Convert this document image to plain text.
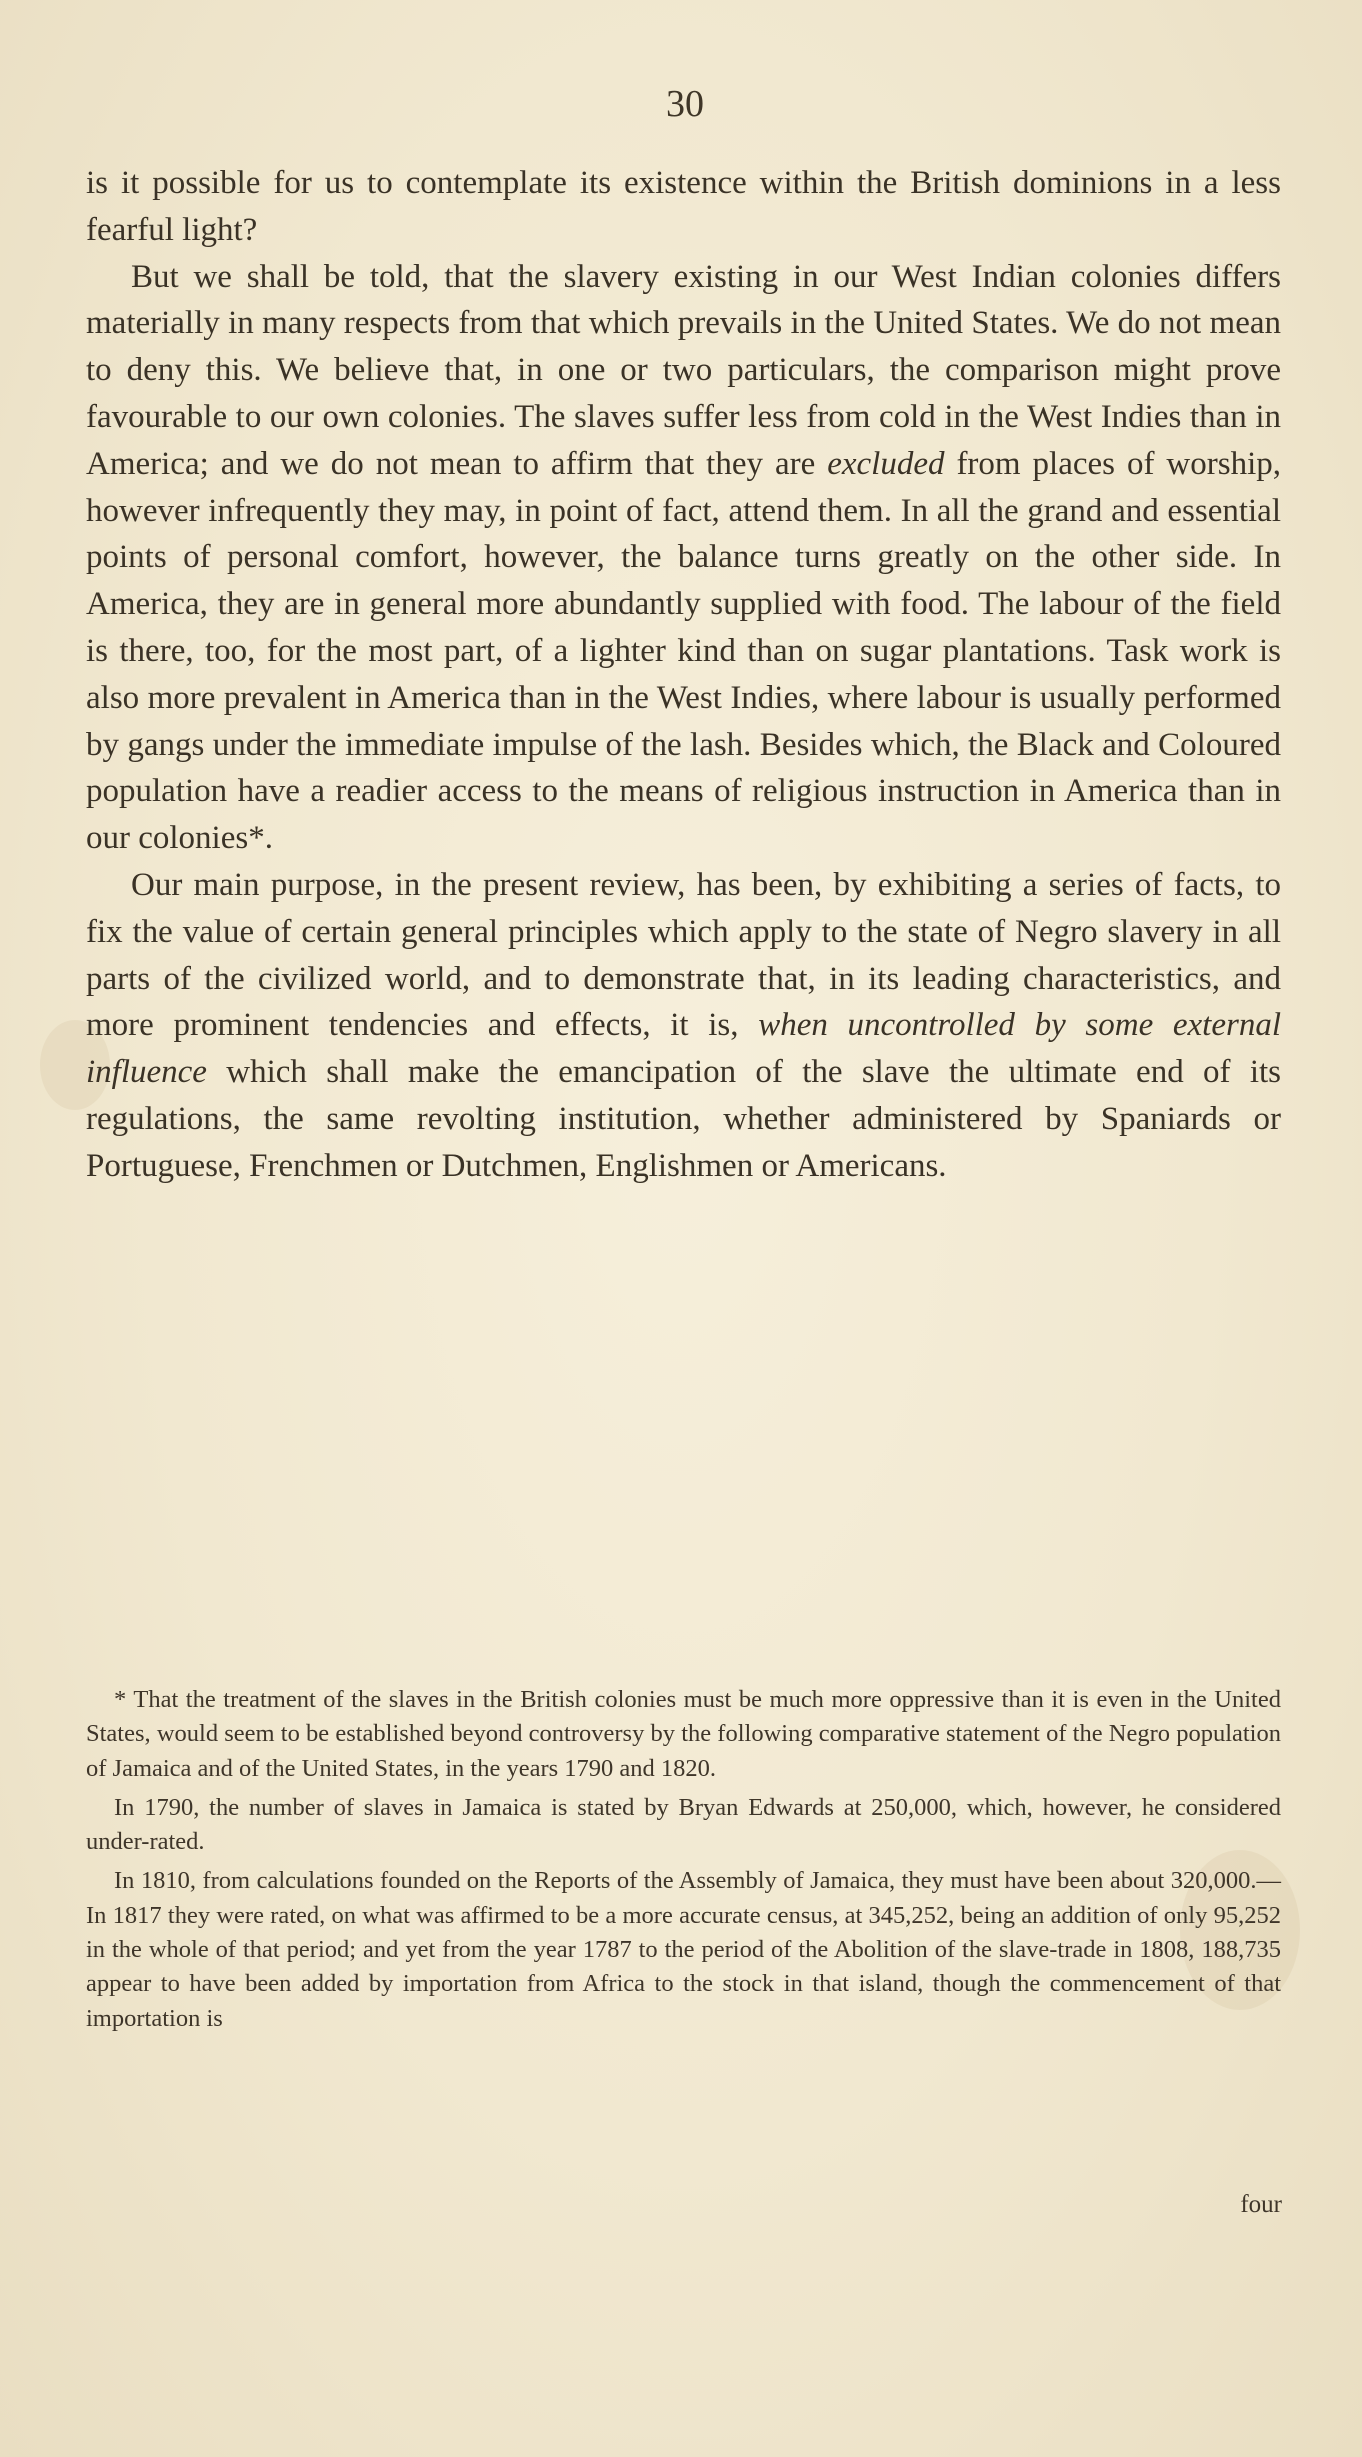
30

is it possible for us to contemplate its existence within the British dominions in a less fearful light?

But we shall be told, that the slavery existing in our West Indian colonies differs materially in many respects from that which prevails in the United States. We do not mean to deny this. We believe that, in one or two particulars, the comparison might prove favourable to our own colonies. The slaves suffer less from cold in the West Indies than in America; and we do not mean to affirm that they are excluded from places of worship, however infrequently they may, in point of fact, attend them. In all the grand and essential points of personal comfort, however, the balance turns greatly on the other side. In America, they are in general more abundantly supplied with food. The labour of the field is there, too, for the most part, of a lighter kind than on sugar plantations. Task work is also more prevalent in America than in the West Indies, where labour is usually performed by gangs under the immediate impulse of the lash. Besides which, the Black and Coloured population have a readier access to the means of religious instruction in America than in our colonies*.

Our main purpose, in the present review, has been, by exhibiting a series of facts, to fix the value of certain general principles which apply to the state of Negro slavery in all parts of the civilized world, and to demonstrate that, in its leading characteristics, and more prominent tendencies and effects, it is, when uncontrolled by some external influence which shall make the emancipation of the slave the ultimate end of its regulations, the same revolting institution, whether administered by Spaniards or Portuguese, Frenchmen or Dutchmen, Englishmen or Americans.

* That the treatment of the slaves in the British colonies must be much more oppressive than it is even in the United States, would seem to be established beyond controversy by the following comparative statement of the Negro population of Jamaica and of the United States, in the years 1790 and 1820.

In 1790, the number of slaves in Jamaica is stated by Bryan Edwards at 250,000, which, however, he considered under-rated.

In 1810, from calculations founded on the Reports of the Assembly of Jamaica, they must have been about 320,000.—In 1817 they were rated, on what was affirmed to be a more accurate census, at 345,252, being an addition of only 95,252 in the whole of that period; and yet from the year 1787 to the period of the Abolition of the slave-trade in 1808, 188,735 appear to have been added by importation from Africa to the stock in that island, though the commencement of that importation is

four
